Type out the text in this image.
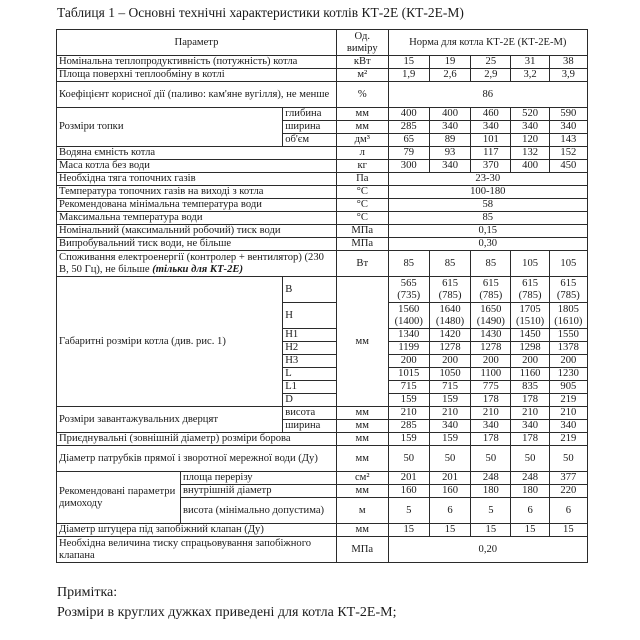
Таблиця 1 – Основні технічні характеристики котлів КТ-2Е (КТ-2Е-М)
Параметр			Од. виміру	Норма для котла КТ-2Е (КТ-2Е-М)				
Номінальна теплопродуктивність (потужність) котла			кВт	15	19	25	31	38
Площа поверхні теплообміну в котлі			м²	1,9	2,6	2,9	3,2	3,9
Коефіцієнт корисної дії (паливо: кам'яне вугілля), не менше			%	86				
Розміри топки		глибина	мм	400	400	460	520	590
		ширина	мм	285	340	340	340	340
		об'єм	дм³	65	89	101	120	143
Водяна ємність котла			л	79	93	117	132	152
Маса котла без води			кг	300	340	370	400	450
Необхідна тяга топочних газів			Па	23-30				
Температура топочних газів на виході з котла			°C	100-180				
Рекомендована мінімальна температура води			°C	58				
Максимальна температура води			°C	85				
Номінальний (максимальний робочий) тиск води			МПа	0,15				
Випробувальний тиск води, не більше			МПа	0,30				
Споживання електроенергії (контролер + вентилятор) (230 В, 50 Гц), не більше (тільки для КТ-2Е)			Вт	85	85	85	105	105
Габаритні розміри котла (див. рис. 1)		B	мм	565 (735)	615 (785)	615 (785)	615 (785)	615 (785)
		H		1560 (1400)	1640 (1480)	1650 (1490)	1705 (1510)	1805 (1610)
		H1		1340	1420	1430	1450	1550
		H2		1199	1278	1278	1298	1378
		H3		200	200	200	200	200
		L		1015	1050	1100	1160	1230
		L1		715	715	775	835	905
		D		159	159	178	178	219
Розміри завантажувальних дверцят		висота	мм	210	210	210	210	210
		ширина	мм	285	340	340	340	340
Приєднувальні (зовнішній діаметр) розміри борова			мм	159	159	178	178	219
Діаметр патрубків прямої і зворотної мережної води (Ду)			мм	50	50	50	50	50
Рекомендовані параметри димоходу	площа перерізу		см²	201	201	248	248	377
	внутрішній діаметр		мм	160	160	180	180	220
	висота (мінімально допустима)		м	5	6	5	6	6
Діаметр штуцера під запобіжний клапан (Ду)			мм	15	15	15	15	15
Необхідна величина тиску спрацьовування запобіжного клапана			МПа	0,20				
Примітка:
Розміри в круглих дужках приведені для котла КТ-2Е-М;
